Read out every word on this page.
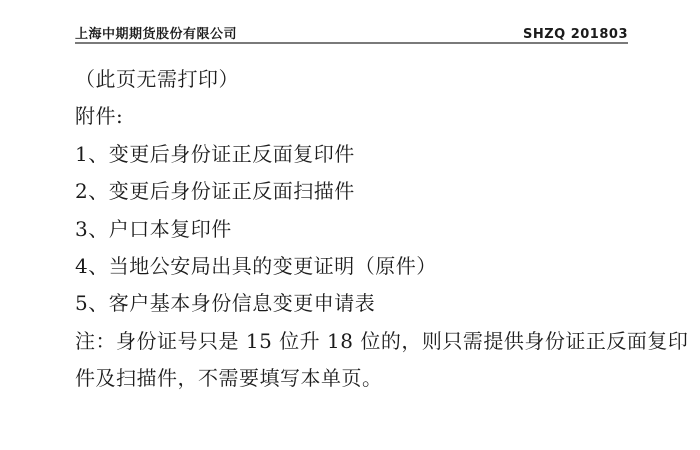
上海中期期货股份有限公司	SHZQ 201803
（此页无需打印）
附件:
1、变更后身份证正反面复印件
2、变更后身份证正反面扫描件
3、户口本复印件
4、当地公安局出具的变更证明（原件）
5、客户基本身份信息变更申请表
注：身份证号只是 15 位升 18 位的，则只需提供身份证正反面复印
件及扫描件，不需要填写本单页。
